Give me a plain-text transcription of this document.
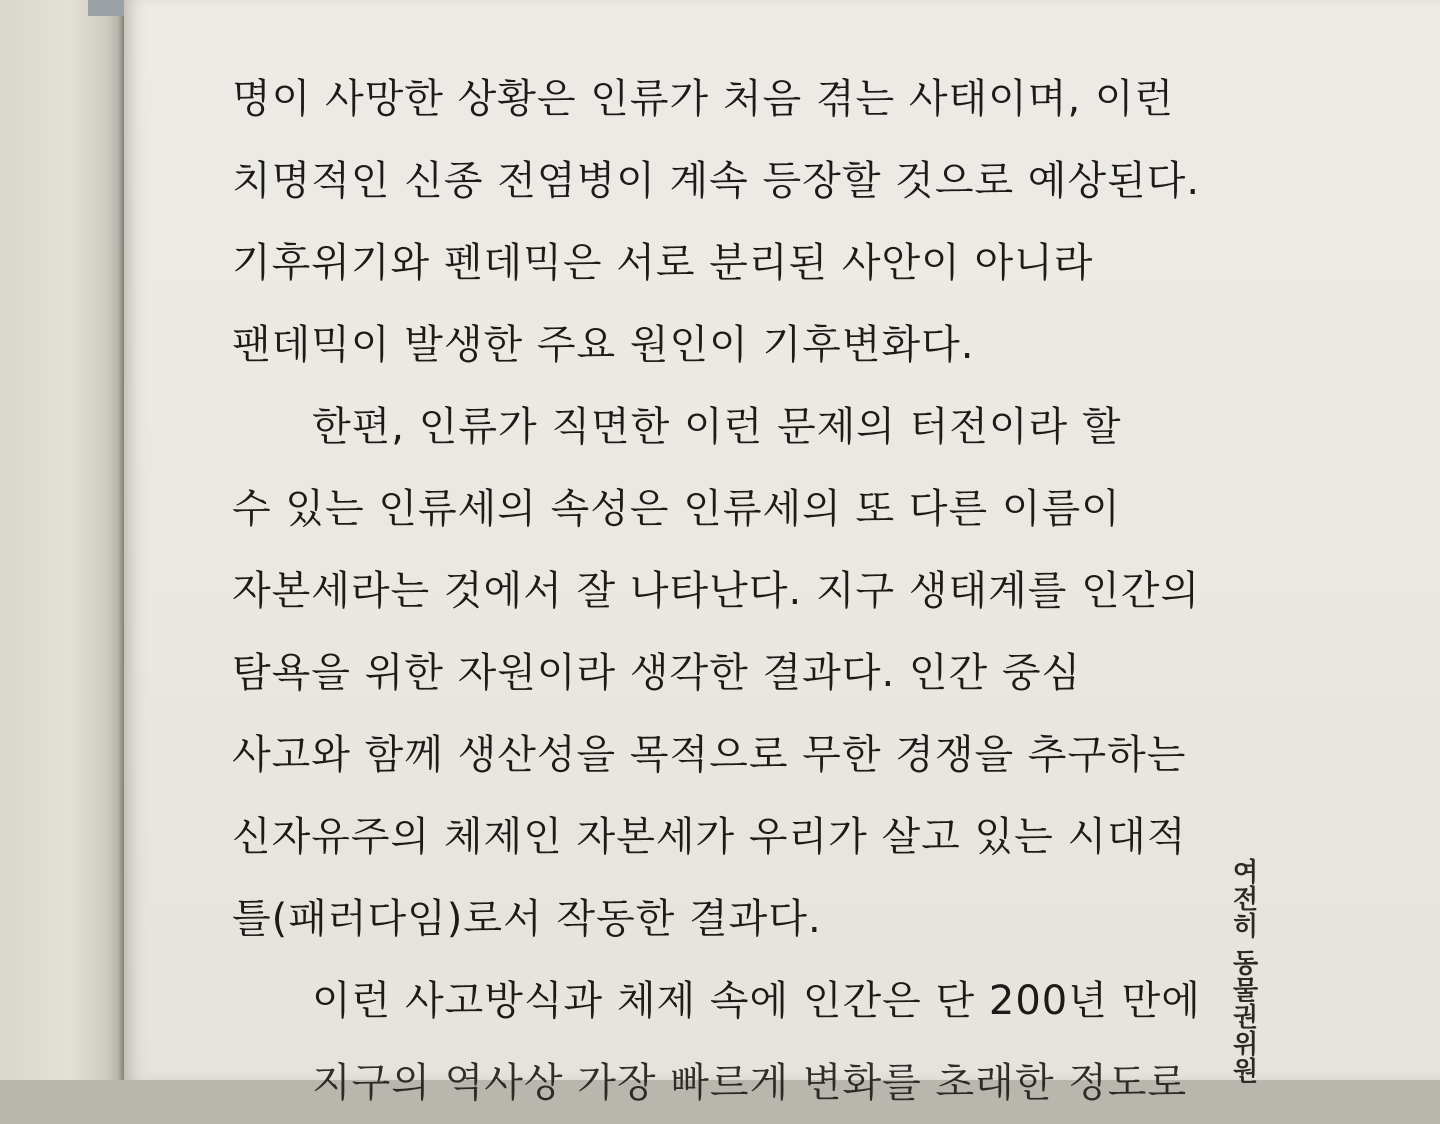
명이 사망한 상황은 인류가 처음 겪는 사태이며, 이런
치명적인 신종 전염병이 계속 등장할 것으로 예상된다.
기후위기와 펜데믹은 서로 분리된 사안이 아니라
팬데믹이 발생한 주요 원인이 기후변화다.
한편, 인류가 직면한 이런 문제의 터전이라 할
수 있는 인류세의 속성은 인류세의 또 다른 이름이
자본세라는 것에서 잘 나타난다. 지구 생태계를 인간의
탐욕을 위한 자원이라 생각한 결과다. 인간 중심
사고와 함께 생산성을 목적으로 무한 경쟁을 추구하는
신자유주의 체제인 자본세가 우리가 살고 있는 시대적
틀(패러다임)로서 작동한 결과다.
이런 사고방식과 체제 속에 인간은 단 200년 만에
지구의 역사상 가장 빠르게 변화를 초래한 정도로	여전히 동물권위원
